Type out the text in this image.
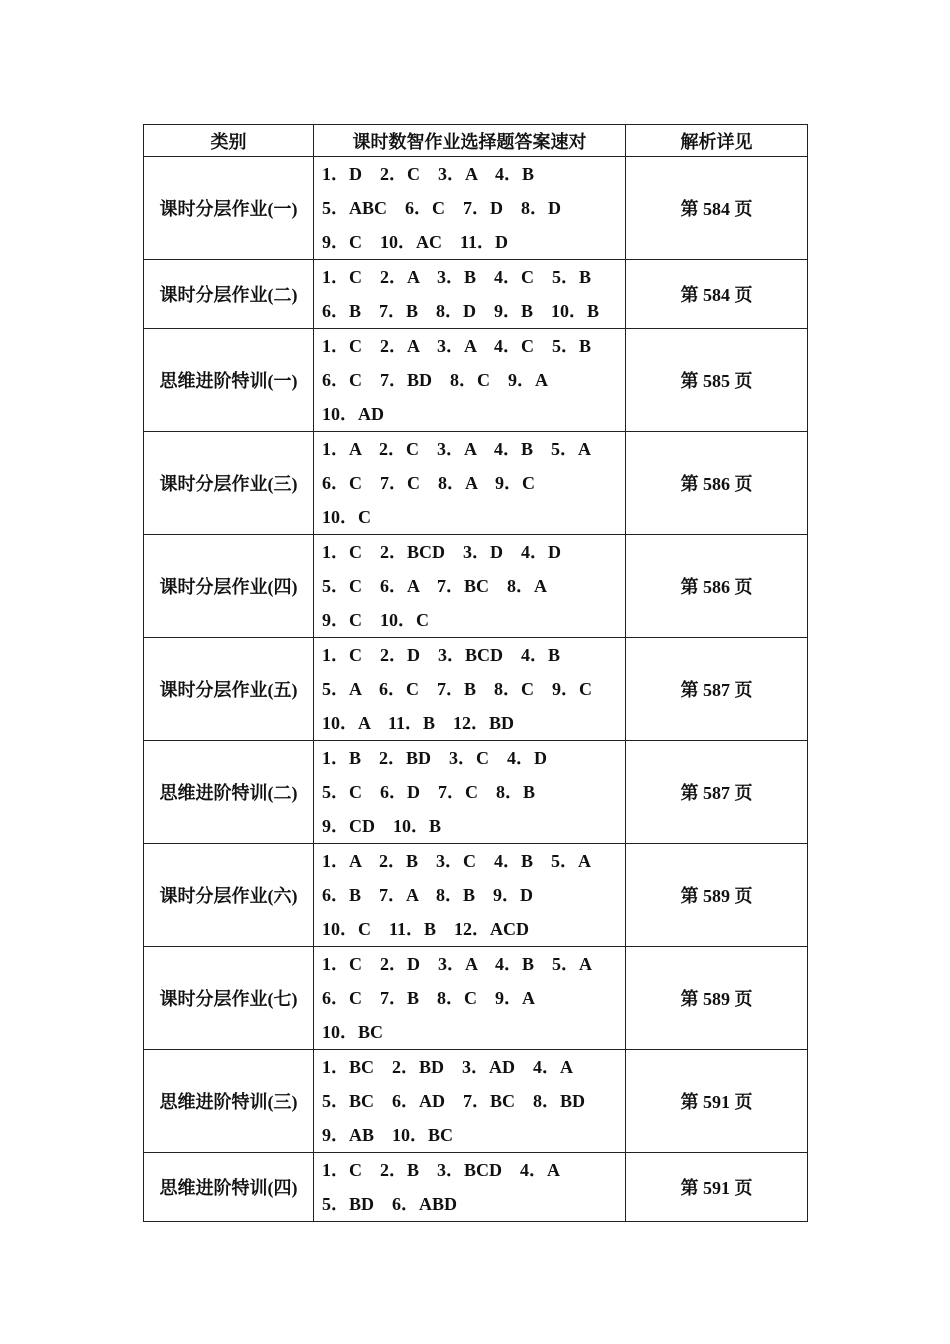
类别	课时数智作业选择题答案速对	解析详见
课时分层作业(一)	1．D　2．C　3．A　4．B
5．ABC　6．C　7．D　8．D
9．C　10．AC　11．D	第 584 页
课时分层作业(二)	1．C　2．A　3．B　4．C　5．B
6．B　7．B　8．D　9．B　10．B	第 584 页
思维进阶特训(一)	1．C　2．A　3．A　4．C　5．B
6．C　7．BD　8．C　9．A
10．AD	第 585 页
课时分层作业(三)	1．A　2．C　3．A　4．B　5．A
6．C　7．C　8．A　9．C
10．C	第 586 页
课时分层作业(四)	1．C　2．BCD　3．D　4．D
5．C　6．A　7．BC　8．A
9．C　10．C	第 586 页
课时分层作业(五)	1．C　2．D　3．BCD　4．B
5．A　6．C　7．B　8．C　9．C
10．A　11．B　12．BD	第 587 页
思维进阶特训(二)	1．B　2．BD　3．C　4．D
5．C　6．D　7．C　8．B
9．CD　10．B	第 587 页
课时分层作业(六)	1．A　2．B　3．C　4．B　5．A
6．B　7．A　8．B　9．D
10．C　11．B　12．ACD	第 589 页
课时分层作业(七)	1．C　2．D　3．A　4．B　5．A
6．C　7．B　8．C　9．A
10．BC	第 589 页
思维进阶特训(三)	1．BC　2．BD　3．AD　4．A
5．BC　6．AD　7．BC　8．BD
9．AB　10．BC	第 591 页
思维进阶特训(四)	1．C　2．B　3．BCD　4．A
5．BD　6．ABD	第 591 页
